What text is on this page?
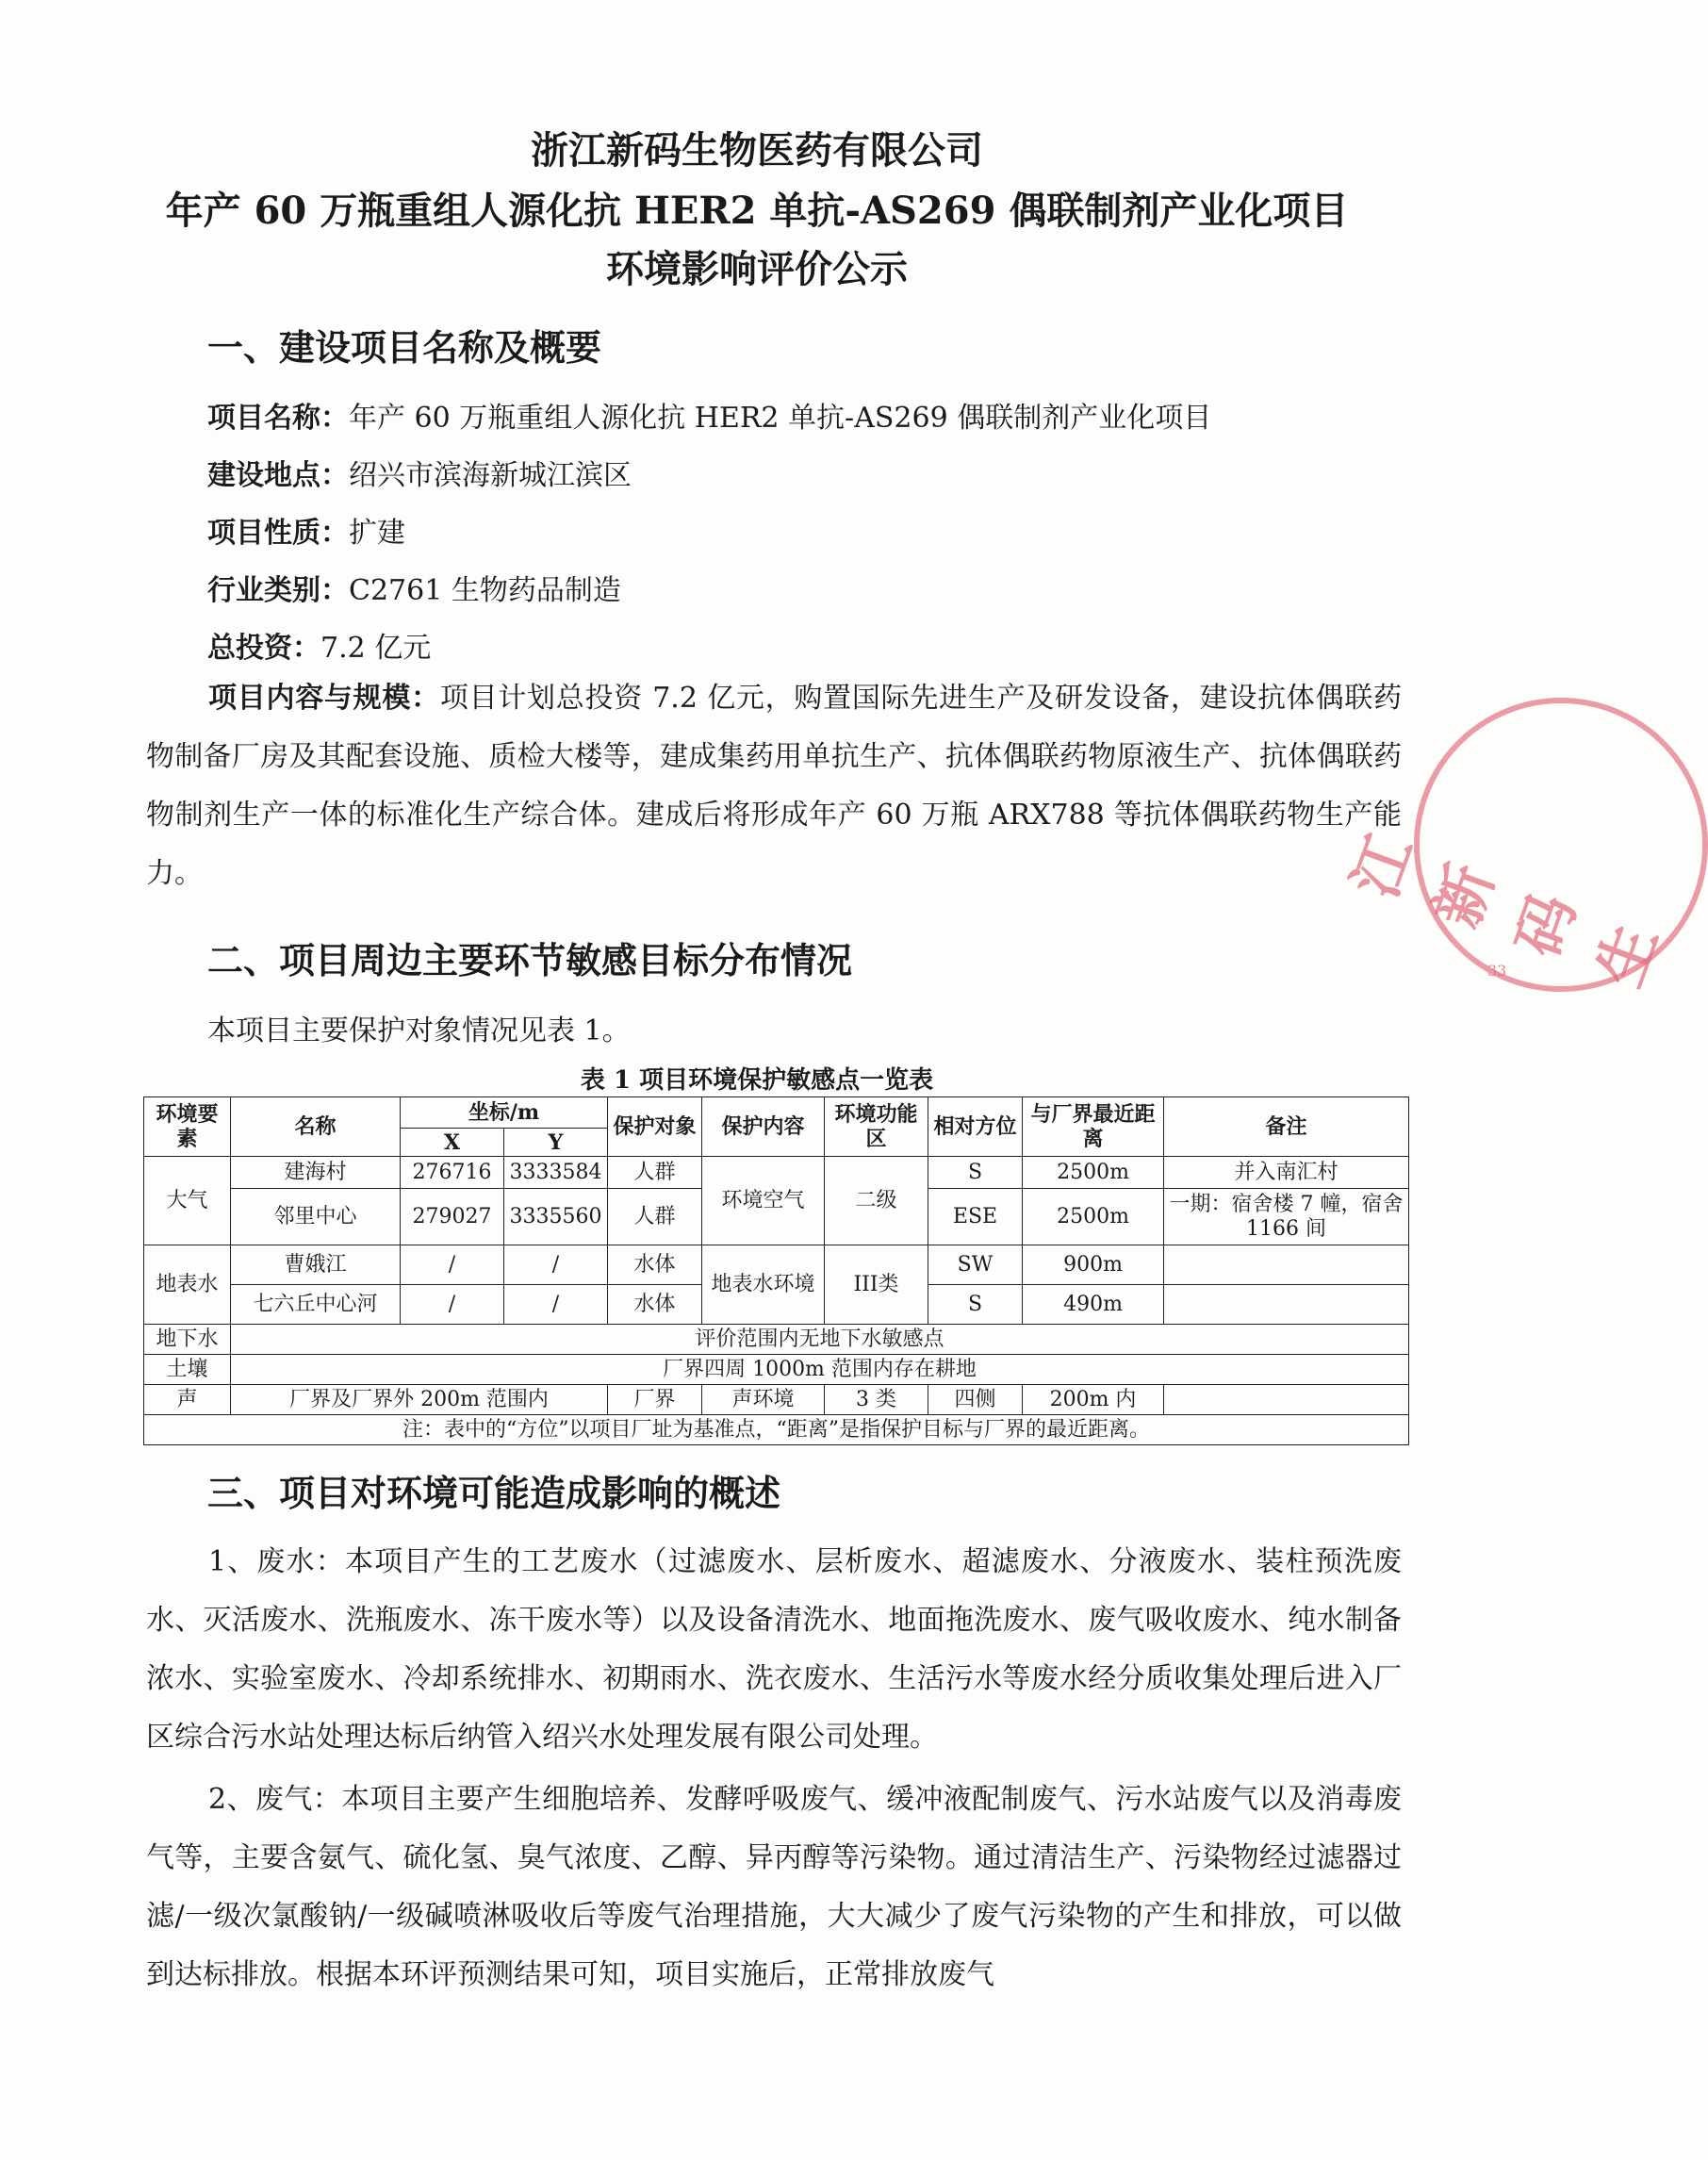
浙江新码生物医药有限公司
年产 60 万瓶重组人源化抗 HER2 单抗-AS269 偶联制剂产业化项目
环境影响评价公示
一、建设项目名称及概要
项目名称：年产 60 万瓶重组人源化抗 HER2 单抗-AS269 偶联制剂产业化项目
建设地点：绍兴市滨海新城江滨区
项目性质：扩建
行业类别：C2761 生物药品制造
总投资：7.2 亿元
项目内容与规模：项目计划总投资 7.2 亿元，购置国际先进生产及研发设备，建设抗体偶联药物制备厂房及其配套设施、质检大楼等，建成集药用单抗生产、抗体偶联药物原液生产、抗体偶联药物制剂生产一体的标准化生产综合体。建成后将形成年产 60 万瓶 ARX788 等抗体偶联药物生产能力。
二、项目周边主要环节敏感目标分布情况
本项目主要保护对象情况见表 1。
表 1 项目环境保护敏感点一览表
环境要素	名称	坐标/m		保护对象	保护内容	环境功能区	相对方位	与厂界最近距离	备注
		X	Y						
大气	建海村	276716	3333584	人群	环境空气	二级	S	2500m	并入南汇村
	邻里中心	279027	3335560	人群			ESE	2500m	一期：宿舍楼 7 幢，宿舍 1166 间
地表水	曹娥江	/	/	水体	地表水环境	III类	SW	900m	
	七六丘中心河	/	/	水体			S	490m	
地下水	评价范围内无地下水敏感点								
土壤	厂界四周 1000m 范围内存在耕地								
声	厂界及厂界外 200m 范围内			厂界	声环境	3 类	四侧	200m 内	
注：表中的“方位”以项目厂址为基准点，“距离”是指保护目标与厂界的最近距离。									
三、项目对环境可能造成影响的概述
1、废水：本项目产生的工艺废水（过滤废水、层析废水、超滤废水、分液废水、装柱预洗废水、灭活废水、洗瓶废水、冻干废水等）以及设备清洗水、地面拖洗废水、废气吸收废水、纯水制备浓水、实验室废水、冷却系统排水、初期雨水、洗衣废水、生活污水等废水经分质收集处理后进入厂区综合污水站处理达标后纳管入绍兴水处理发展有限公司处理。
2、废气：本项目主要产生细胞培养、发酵呼吸废气、缓冲液配制废气、污水站废气以及消毒废气等，主要含氨气、硫化氢、臭气浓度、乙醇、异丙醇等污染物。通过清洁生产、污染物经过滤器过滤/一级次氯酸钠/一级碱喷淋吸收后等废气治理措施，大大减少了废气污染物的产生和排放，可以做到达标排放。根据本环评预测结果可知，项目实施后，正常排放废气
江新码生
33
